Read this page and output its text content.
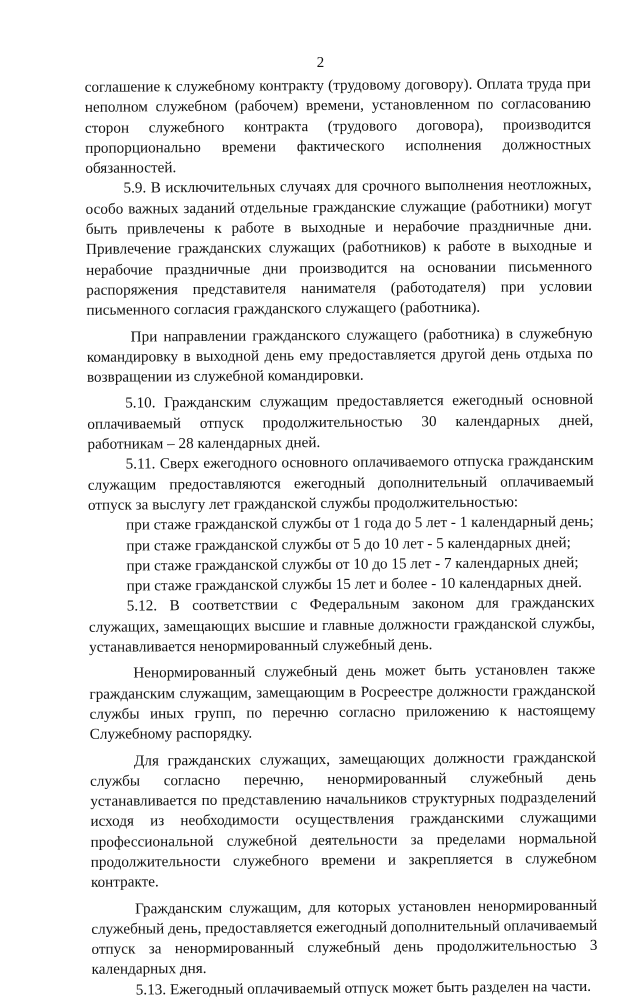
2

соглашение к служебному контракту (трудовому договору). Оплата труда при неполном служебном (рабочем) времени, установленном по согласованию сторон служебного контракта (трудового договора), производится пропорционально времени фактического исполнения должностных обязанностей.

5.9. В исключительных случаях для срочного выполнения неотложных, особо важных заданий отдельные гражданские служащие (работники) могут быть привлечены к работе в выходные и нерабочие праздничные дни. Привлечение гражданских служащих (работников) к работе в выходные и нерабочие праздничные дни производится на основании письменного распоряжения представителя нанимателя (работодателя) при условии письменного согласия гражданского служащего (работника).

При направлении гражданского служащего (работника) в служебную командировку в выходной день ему предоставляется другой день отдыха по возвращении из служебной командировки.

5.10. Гражданским служащим предоставляется ежегодный основной оплачиваемый отпуск продолжительностью 30 календарных дней, работникам – 28 календарных дней.

5.11. Сверх ежегодного основного оплачиваемого отпуска гражданским служащим предоставляются ежегодный дополнительный оплачиваемый отпуск за выслугу лет гражданской службы продолжительностью:

при стаже гражданской службы от 1 года до 5 лет - 1 календарный день;

при стаже гражданской службы от 5 до 10 лет - 5 календарных дней;

при стаже гражданской службы от 10 до 15 лет - 7 календарных дней;

при стаже гражданской службы 15 лет и более - 10 календарных дней.

5.12. В соответствии с Федеральным законом для гражданских служащих, замещающих высшие и главные должности гражданской службы, устанавливается ненормированный служебный день.

Ненормированный служебный день может быть установлен также гражданским служащим, замещающим в Росреестре должности гражданской службы иных групп, по перечню согласно приложению к настоящему Служебному распорядку.

Для гражданских служащих, замещающих должности гражданской службы согласно перечню, ненормированный служебный день устанавливается по представлению начальников структурных подразделений исходя из необходимости осуществления гражданскими служащими профессиональной служебной деятельности за пределами нормальной продолжительности служебного времени и закрепляется в служебном контракте.

Гражданским служащим, для которых установлен ненормированный служебный день, предоставляется ежегодный дополнительный оплачиваемый отпуск за ненормированный служебный день продолжительностью 3 календарных дня.

5.13. Ежегодный оплачиваемый отпуск может быть разделен на части.
